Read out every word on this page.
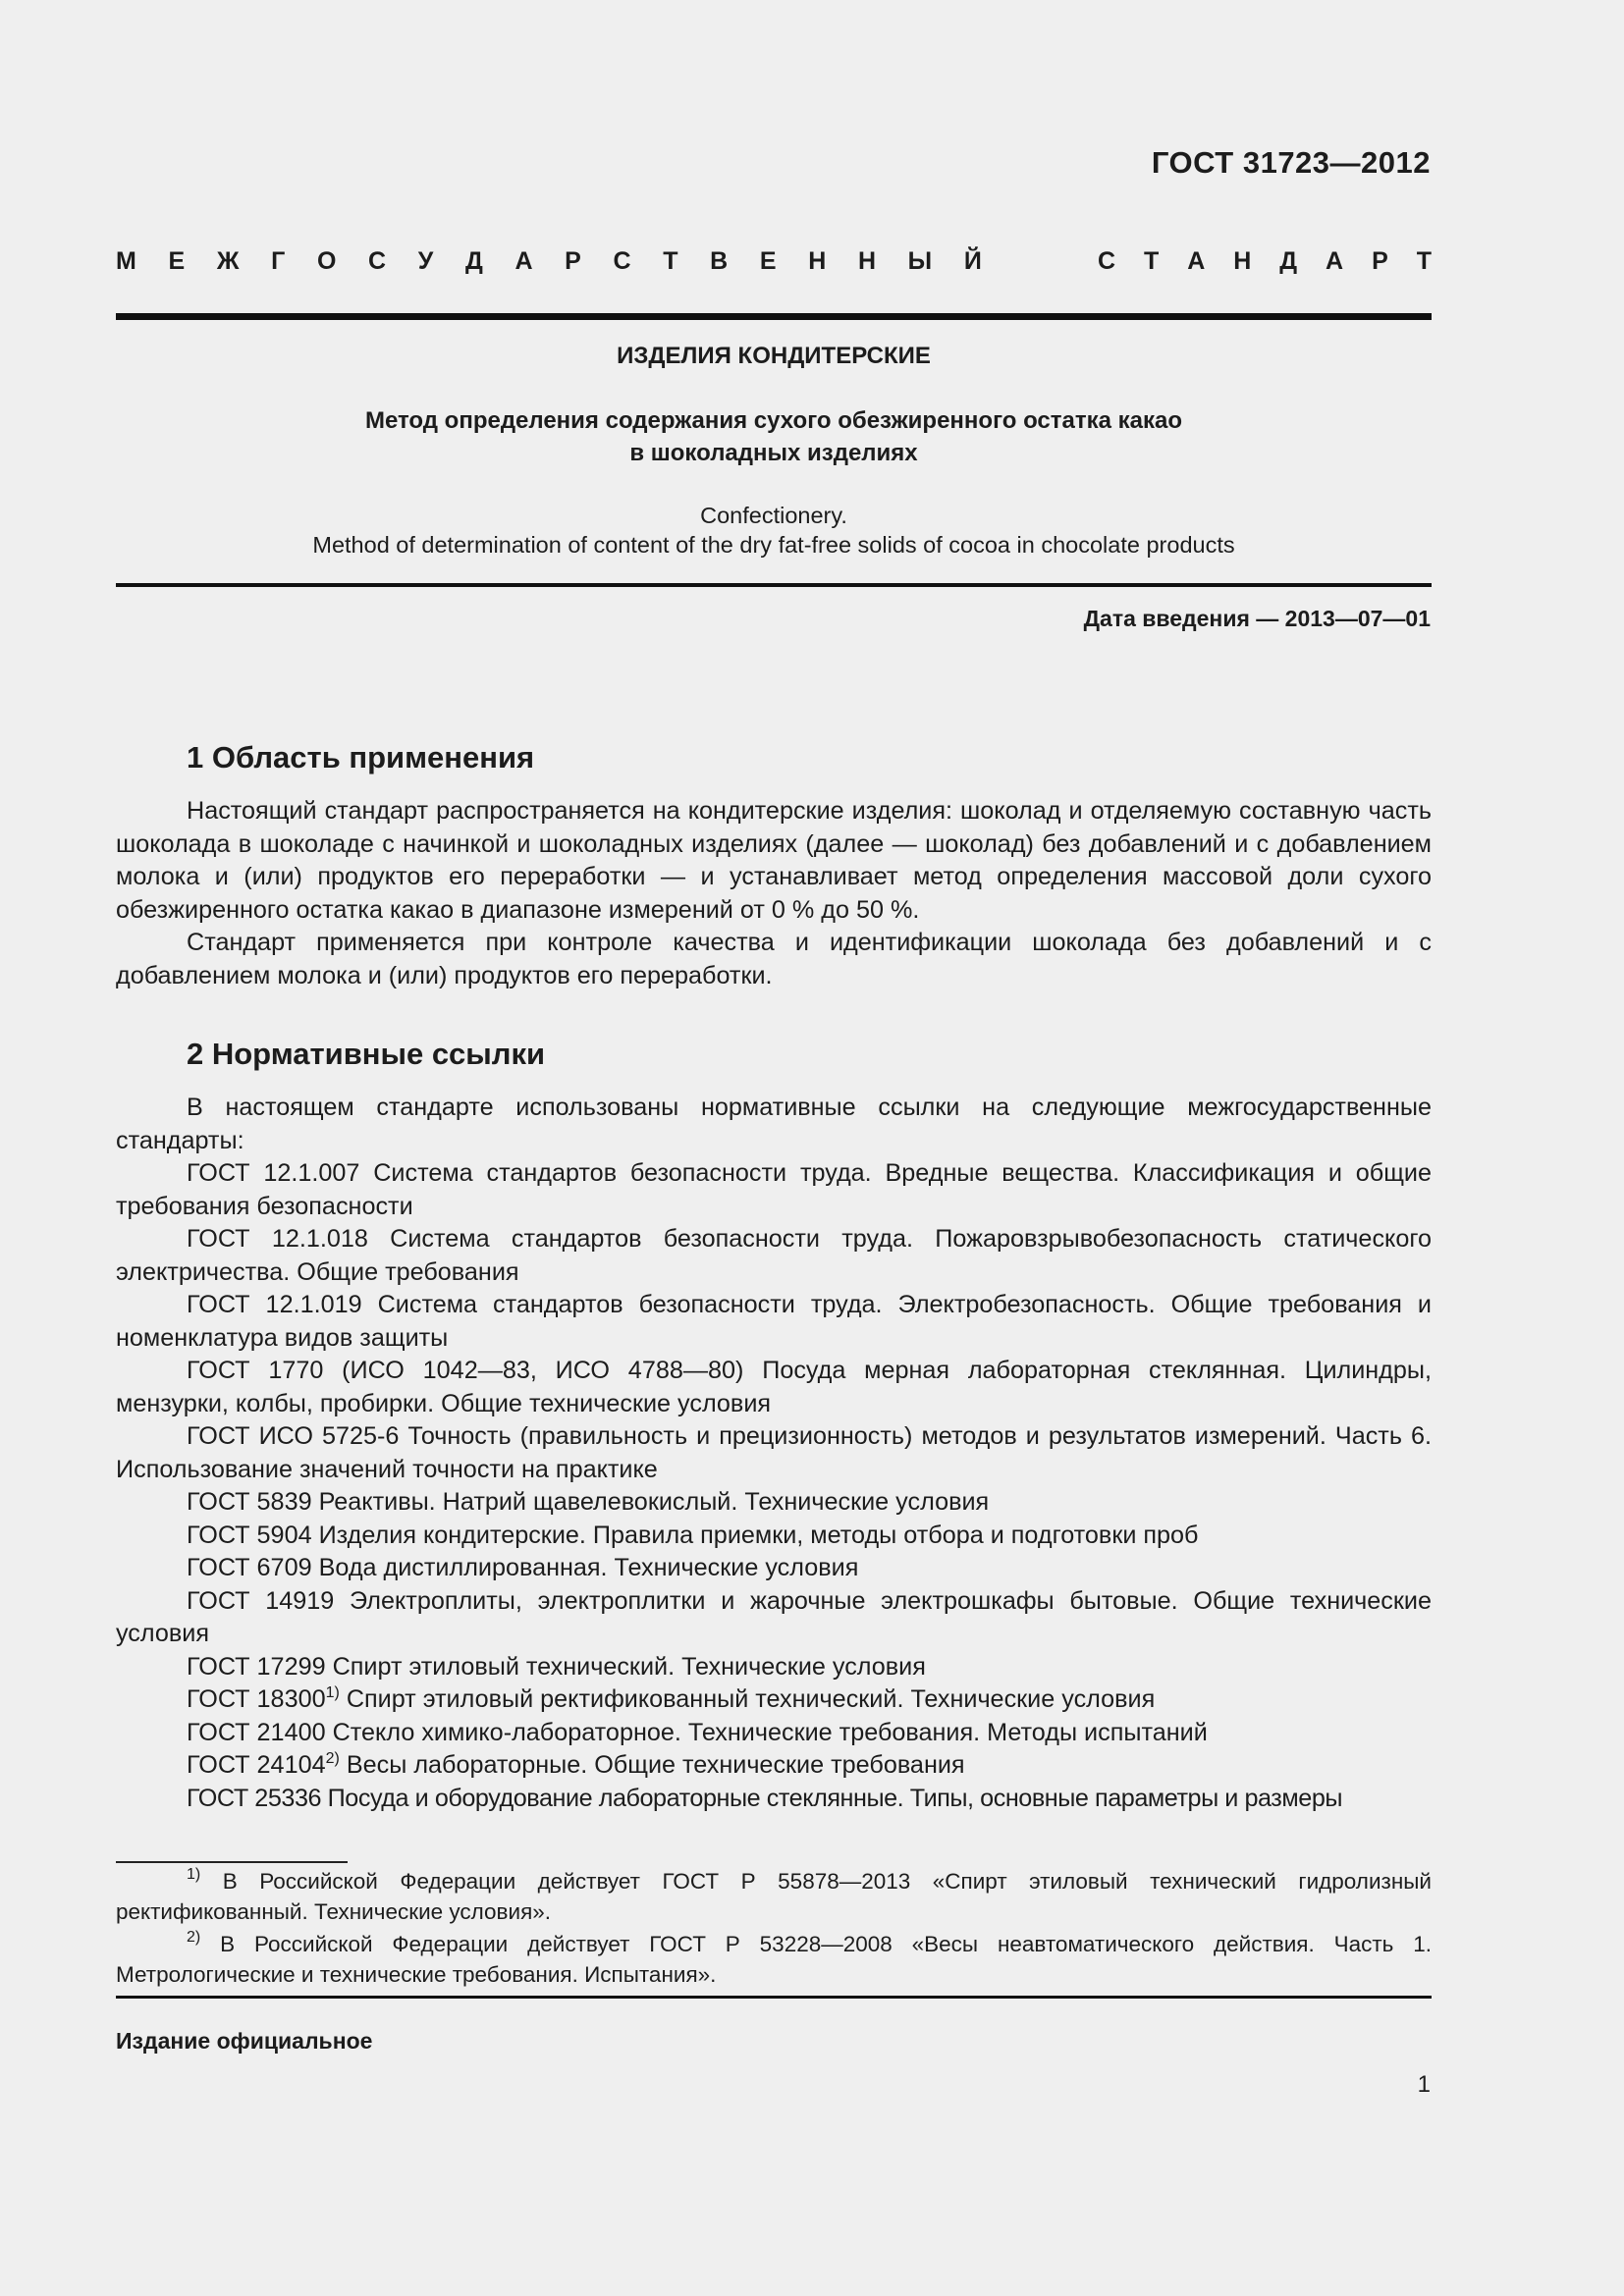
ГОСТ 31723—2012
М Е Ж Г О С У Д А Р С Т В Е Н Н Ы Й	С Т А Н Д А Р Т
ИЗДЕЛИЯ КОНДИТЕРСКИЕ
Метод определения содержания сухого обезжиренного остатка какао
в шоколадных изделиях
Confectionery.
Method of determination of content of the dry fat-free solids of cocoa in chocolate products
Дата введения — 2013—07—01
1 Область применения

Настоящий стандарт распространяется на кондитерские изделия: шоколад и отделяемую составную часть шоколада в шоколаде с начинкой и шоколадных изделиях (далее — шоколад) без добавлений и с добавлением молока и (или) продуктов его переработки — и устанавливает метод определения массовой доли сухого обезжиренного остатка какао в диапазоне измерений от 0 % до 50 %.

Стандарт применяется при контроле качества и идентификации шоколада без добавлений и с добавлением молока и (или) продуктов его переработки.

2 Нормативные ссылки

В настоящем стандарте использованы нормативные ссылки на следующие межгосударственные стандарты:

ГОСТ 12.1.007 Система стандартов безопасности труда. Вредные вещества. Классификация и общие требования безопасности

ГОСТ 12.1.018 Система стандартов безопасности труда. Пожаровзрывобезопасность статического электричества. Общие требования

ГОСТ 12.1.019 Система стандартов безопасности труда. Электробезопасность. Общие требования и номенклатура видов защиты

ГОСТ 1770 (ИСО 1042—83, ИСО 4788—80) Посуда мерная лабораторная стеклянная. Цилиндры, мензурки, колбы, пробирки. Общие технические условия

ГОСТ ИСО 5725-6 Точность (правильность и прецизионность) методов и результатов измерений. Часть 6. Использование значений точности на практике

ГОСТ 5839 Реактивы. Натрий щавелевокислый. Технические условия

ГОСТ 5904 Изделия кондитерские. Правила приемки, методы отбора и подготовки проб

ГОСТ 6709 Вода дистиллированная. Технические условия

ГОСТ 14919 Электроплиты, электроплитки и жарочные электрошкафы бытовые. Общие технические условия

ГОСТ 17299 Спирт этиловый технический. Технические условия

ГОСТ 18300$^{1)}$ Спирт этиловый ректификованный технический. Технические условия

ГОСТ 21400 Стекло химико-лабораторное. Технические требования. Методы испытаний

ГОСТ 24104$^{2)}$ Весы лабораторные. Общие технические требования

ГОСТ 25336 Посуда и оборудование лабораторные стеклянные. Типы, основные параметры и размеры

$^{1)}$ В Российской Федерации действует ГОСТ Р 55878—2013 «Спирт этиловый технический гидролизный ректификованный. Технические условия».

$^{2)}$ В Российской Федерации действует ГОСТ Р 53228—2008 «Весы неавтоматического действия. Часть 1. Метрологические и технические требования. Испытания».

Издание официальное
1
